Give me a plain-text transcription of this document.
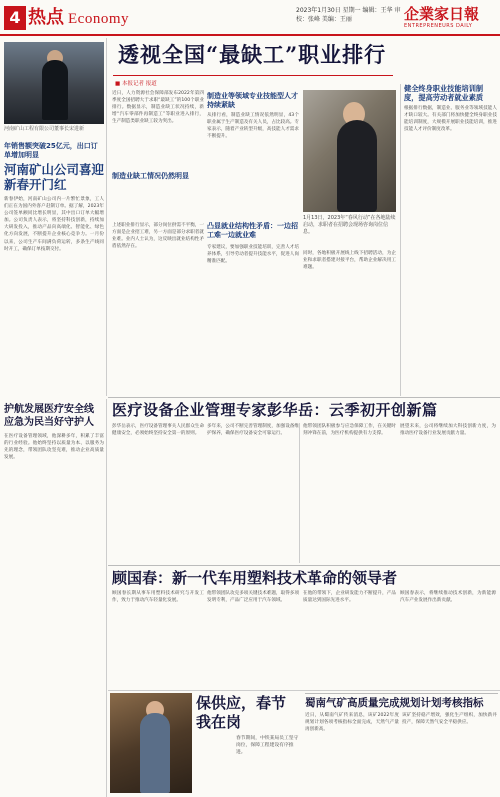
4 热点 Economy
2023年1月30日 星期一 编辑：王华 审校：张峰 美编：王丽	企業家日報
ENTREPRENEURS DAILY
河南矿山工程有限公司董事长宋进新
年销售额突破25亿元，出口订单增加明显
河南矿山公司喜迎新春开门红
新春伊始，河南矿山公司内一片繁忙景象，工人们正在为国内外客户赶制订单。据了解，2023年公司签单额同比增长明显，其中出口订单大幅增加。公司负责人表示，将坚持科技创新，持续加大研发投入，推动产品向高端化、智能化、绿色化方向发展，不断提升企业核心竞争力。一月份以来，公司生产车间满负荷运转，多条生产线同时开工，确保订单按期交付。
透视全国“最缺工”职业排行
■ 本报记者 报道
近日，人力资源社会保障部发布2022年第四季度全国招聘大于求职“最缺工”的100个职业排行。数据显示，制造业缺工状况持续，新增“汽车零部件再制造工”等职业进入排行，生产制造类职业缺工较为突出。
制造业缺工情况仍然明显
制造业等领域专业技能型人才持续紧缺
从排行看，制造业缺工情况依然明显，43个职业属于生产制造及有关人员，占比较高。专家表示，随着产业转型升级，高技能人才需求不断提升。
1月13日，2023年“春风行动”在各地陆续启动，求职者在招聘会现场咨询岗位信息。
上述职业排行显示，部分岗位供需不平衡，一方面是企业招工难，另一方面是部分求职者就业难。业内人士认为，这反映出就业结构性矛盾依然存在。
凸显就业结构性矛盾：一边招工难一边就业难
专家建议，要加强职业技能培训，完善人才培养体系，引导劳动者提升技能水平，促进人岗精准匹配。
同时，各地积极开展线上线下招聘活动，为企业和求职者搭建对接平台，帮助企业解决用工难题。
健全终身职业技能培训制度，提高劳动者就业素质
根据排行数据，制造业、服务业等领域技能人才缺口较大。有关部门将加快健全终身职业技能培训制度，大规模开展职业技能培训，推进技能人才评价制度改革。
医疗设备企业管理专家彭华岳：云季初开创新篇
护航发展医疗安全线 应急为民当好守护人
在医疗设备管理领域，他深耕多年，积累了丰富的行业经验。他始终坚持以质量为本、以服务为先的理念，带领团队攻坚克难，推动企业高质量发展。
彭华岳表示，医疗设备管理事关人民群众生命健康安全，必须始终坚持安全第一的原则。
多年来，公司不断完善管理制度，加强设备维护保养，确保医疗设备安全可靠运行。
他带领团队积极参与应急保障工作，在关键时刻冲锋在前，为医疗机构提供有力支撑。
展望未来，公司将继续加大科技创新力度，为推动医疗设备行业发展贡献力量。
顾国春：新一代车用塑料技术革命的领导者
顾国春长期从事车用塑料技术研究与开发工作，致力于推动汽车轻量化发展。
他带领团队攻克多项关键技术难题，取得多项发明专利，产品广泛应用于汽车领域。
在他的带领下，企业研发能力不断提升，产品质量达到国际先进水平。
顾国春表示，将继续推动技术创新，为新能源汽车产业发展作出新贡献。
保供应，春节我在岗
春节期间，中铁某局员工坚守岗位，保障工程建设有序推进。
蜀南气矿高质量完成规划计划考核指标
近日，从蜀南气矿传来消息，该矿2022年度规划计划各项考核指标全面完成，天然气产量再创新高。
该矿坚持稳产增效，强化生产组织，加快新井投产，保障天然气安全平稳供应。
